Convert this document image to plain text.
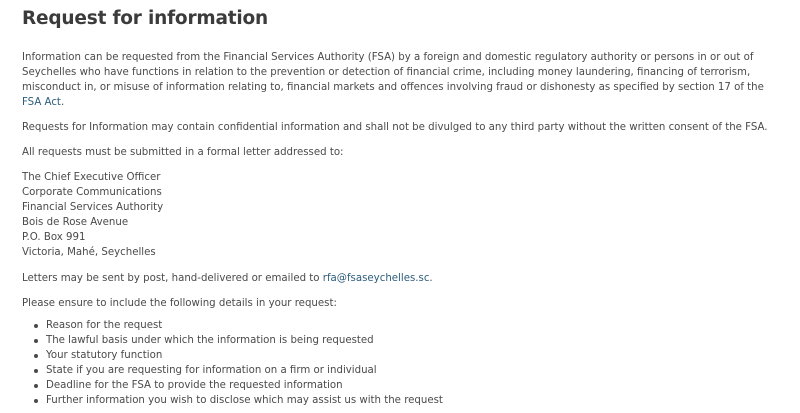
Request for information

Information can be requested from the Financial Services Authority (FSA) by a foreign and domestic regulatory authority or persons in or out of Seychelles who have functions in relation to the prevention or detection of financial crime, including money laundering, financing of terrorism, misconduct in, or misuse of information relating to, financial markets and offences involving fraud or dishonesty as specified by section 17 of the FSA Act.

Requests for Information may contain confidential information and shall not be divulged to any third party without the written consent of the FSA.

All requests must be submitted in a formal letter addressed to:

The Chief Executive Officer
Corporate Communications
Financial Services Authority
Bois de Rose Avenue
P.O. Box 991
Victoria, Mahé, Seychelles

Letters may be sent by post, hand-delivered or emailed to rfa@fsaseychelles.sc.

Please ensure to include the following details in your request:

Reason for the request
The lawful basis under which the information is being requested
Your statutory function
State if you are requesting for information on a firm or individual
Deadline for the FSA to provide the requested information
Further information you wish to disclose which may assist us with the request
